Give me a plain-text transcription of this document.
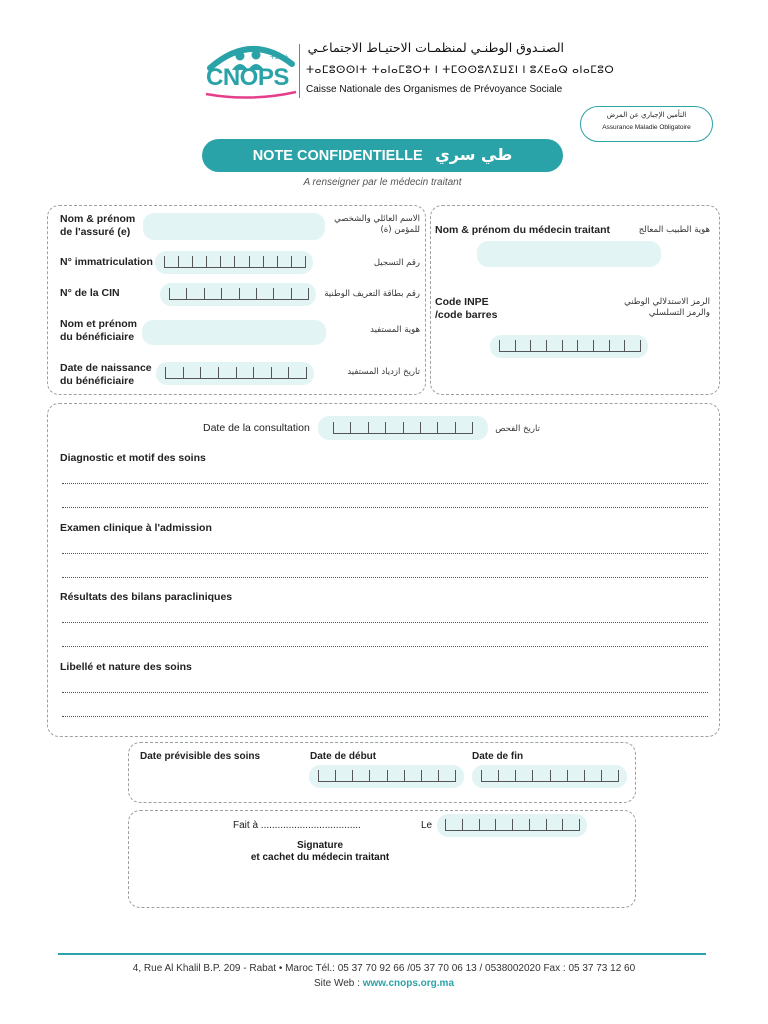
CNOPS
ⵜⵉⵎⵏⵜ
الصنـدوق الوطنـي لمنظمـات الاحتيـاط الاجتماعـي
ⵜⴰⵎⵓⵙⵙⵏⵜ ⵜⴰⵏⴰⵎⵓⵔⵜ ⵏ ⵜⵎⵙⵙⵓⴷⵉⵡⵉⵏ ⵏ ⵓⵃⴹⴰⵕ ⴰⵏⴰⵎⵓⵔ
Caisse Nationale des Organismes de Prévoyance Sociale
التأمين الإجباري عن المرض
Assurance Maladie Obligatoire
NOTE CONFIDENTIELLE طي سري
A renseigner par le médecin traitant
Nom & prénom
de l'assuré (e)
الاسم العائلي والشخصي
للمؤمن (ة)
N° immatriculation	رقم التسجيل
N° de la CIN	رقم بطاقة التعريف الوطنية
Nom et prénom
du bénéficiaire
هوية المستفيد
Date de naissance
du bénéficiaire
تاريخ ازدياد المستفيد
Nom & prénom du médecin traitant	هوية الطبيب المعالج
Code INPE
/code barres
الرمز الاستدلالي الوطني
والرمز التسلسلي
Date de la consultation	تاريخ الفحص
Diagnostic et motif des soins
Examen clinique à l'admission
Résultats des bilans paracliniques
Libellé et nature des soins
Date prévisible des soins	Date de début	Date de fin
Fait à ....................................	Le
Signature
et cachet du médecin traitant
4, Rue Al Khalil B.P. 209 - Rabat • Maroc Tél.: 05 37 70 92 66 /05 37 70 06 13 / 0538002020 Fax : 05 37 73 12 60
Site Web : www.cnops.org.ma
